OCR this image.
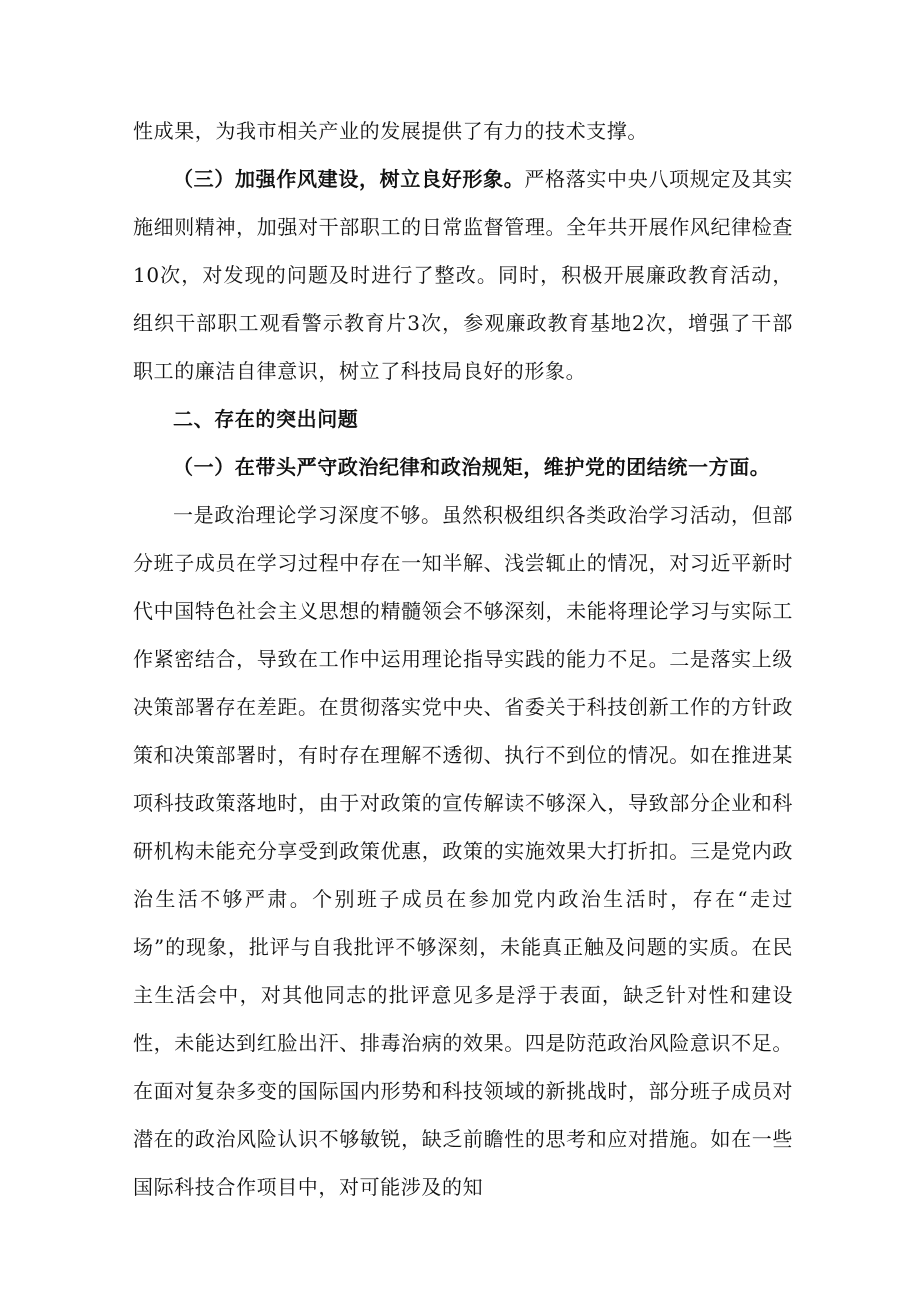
性成果，为我市相关产业的发展提供了有力的技术支撑。

（三）加强作风建设，树立良好形象。严格落实中央八项规定及其实施细则精神，加强对干部职工的日常监督管理。全年共开展作风纪律检查10次，对发现的问题及时进行了整改。同时，积极开展廉政教育活动，组织干部职工观看警示教育片3次，参观廉政教育基地2次，增强了干部职工的廉洁自律意识，树立了科技局良好的形象。

二、存在的突出问题

（一）在带头严守政治纪律和政治规矩，维护党的团结统一方面。

一是政治理论学习深度不够。虽然积极组织各类政治学习活动，但部分班子成员在学习过程中存在一知半解、浅尝辄止的情况，对习近平新时代中国特色社会主义思想的精髓领会不够深刻，未能将理论学习与实际工作紧密结合，导致在工作中运用理论指导实践的能力不足。二是落实上级决策部署存在差距。在贯彻落实党中央、省委关于科技创新工作的方针政策和决策部署时，有时存在理解不透彻、执行不到位的情况。如在推进某项科技政策落地时，由于对政策的宣传解读不够深入，导致部分企业和科研机构未能充分享受到政策优惠，政策的实施效果大打折扣。三是党内政治生活不够严肃。个别班子成员在参加党内政治生活时，存在“走过场”的现象，批评与自我批评不够深刻，未能真正触及问题的实质。在民主生活会中，对其他同志的批评意见多是浮于表面，缺乏针对性和建设性，未能达到红脸出汗、排毒治病的效果。四是防范政治风险意识不足。在面对复杂多变的国际国内形势和科技领域的新挑战时，部分班子成员对潜在的政治风险认识不够敏锐，缺乏前瞻性的思考和应对措施。如在一些国际科技合作项目中，对可能涉及的知
